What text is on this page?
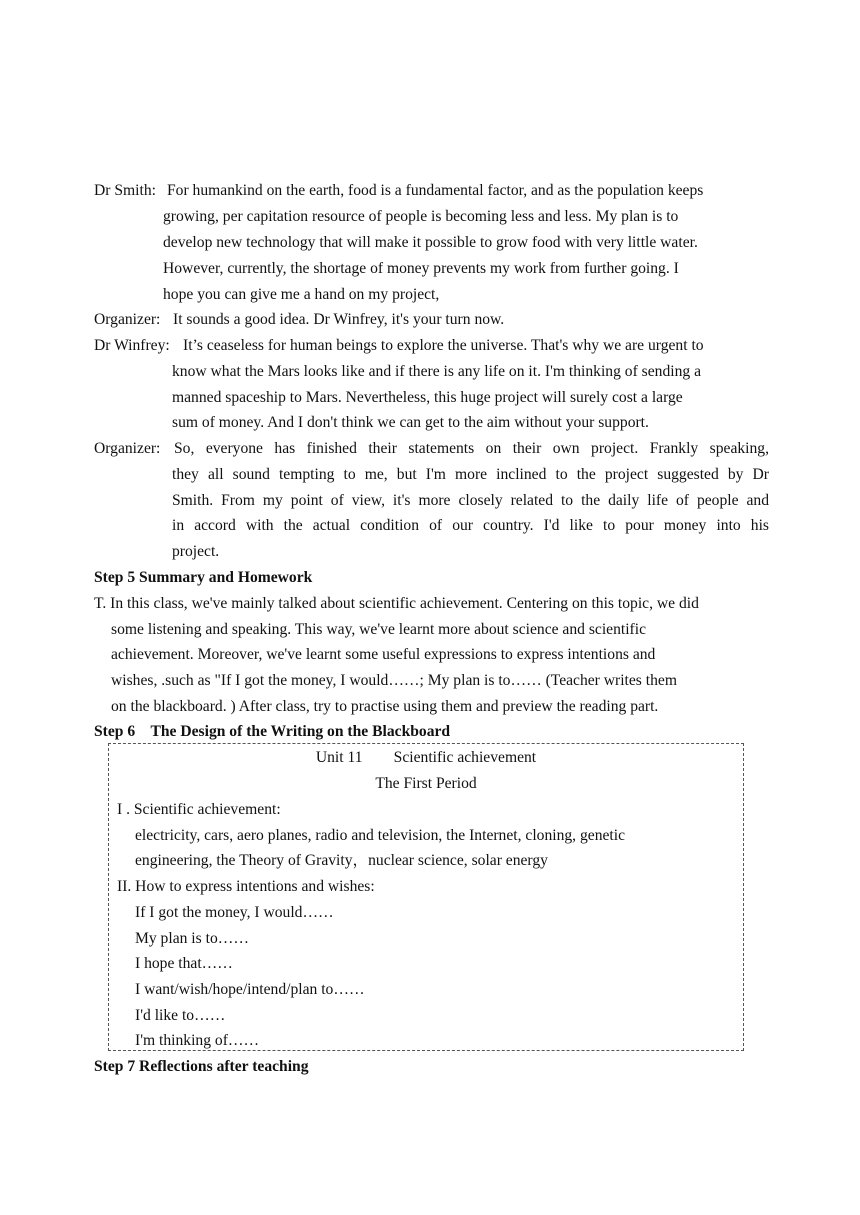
Dr Smith: For humankind on the earth, food is a fundamental factor, and as the population keeps
growing, per capitation resource of people is becoming less and less. My plan is to
develop new technology that will make it possible to grow food with very little water.
However, currently, the shortage of money prevents my work from further going. I
hope you can give me a hand on my project,
Organizer: It sounds a good idea. Dr Winfrey, it's your turn now.
Dr Winfrey: It’s ceaseless for human beings to explore the universe. That's why we are urgent to
know what the Mars looks like and if there is any life on it. I'm thinking of sending a
manned spaceship to Mars. Nevertheless, this huge project will surely cost a large
sum of money. And I don't think we can get to the aim without your support.
Organizer: So, everyone has finished their statements on their own project. Frankly speaking,
they all sound tempting to me, but I'm more inclined to the project suggested by Dr
Smith. From my point of view, it's more closely related to the daily life of people and
in accord with the actual condition of our country. I'd like to pour money into his
project.
Step 5 Summary and Homework
T. In this class, we've mainly talked about scientific achievement. Centering on this topic, we did
some listening and speaking. This way, we've learnt more about science and scientific
achievement. Moreover, we've learnt some useful expressions to express intentions and
wishes, .such as "If I got the money, I would……; My plan is to…… (Teacher writes them
on the blackboard. ) After class, try to practise using them and preview the reading part.
Step 6    The Design of the Writing on the Blackboard
Unit 11        Scientific achievement
The First Period
I . Scientific achievement:
electricity, cars, aero planes, radio and television, the Internet, cloning, genetic
engineering, the Theory of Gravity，nuclear science, solar energy
II. How to express intentions and wishes:
If I got the money, I would……
My plan is to……
I hope that……
I want/wish/hope/intend/plan to……
I'd like to……
I'm thinking of……
Step 7 Reflections after teaching
